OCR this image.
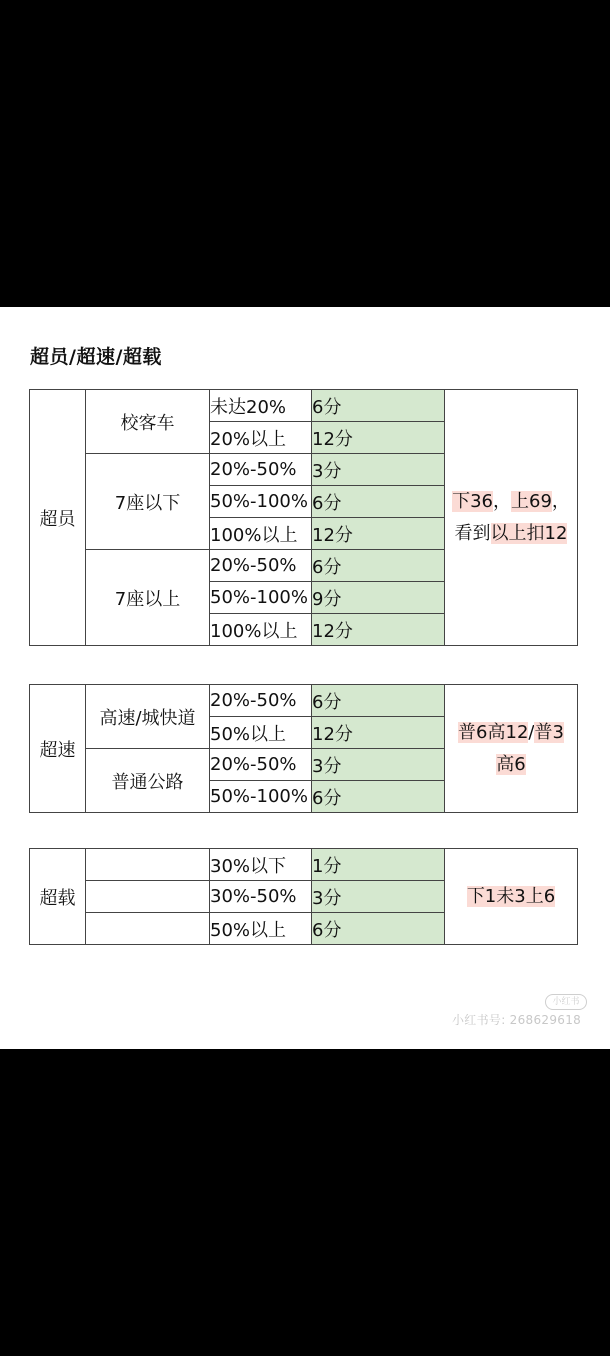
超员/超速/超载
超员	校客车	未达20%	6分	下36，上69，
看到以上扣12

		20%以上	12分	
	7座以下	20%-50%	3分	
		50%-100%	6分	
		100%以上	12分	
	7座以上	20%-50%	6分	
		50%-100%	9分	
		100%以上	12分	
超速	高速/城快道	20%-50%	6分	普6高12/普3
高6

		50%以上	12分	
	普通公路	20%-50%	3分	
		50%-100%	6分	
超载		30%以下	1分	下1未3上6
		30%-50%	3分	
		50%以上	6分	
小红书
小红书号: 268629618
